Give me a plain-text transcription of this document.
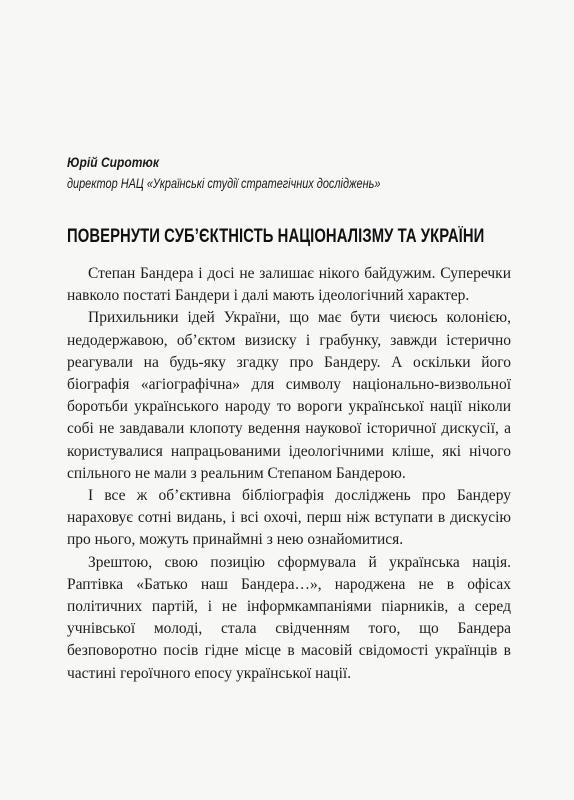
Юрій Сиротюк
директор НАЦ «Українські студії стратегічних досліджень»
ПОВЕРНУТИ СУБ’ЄКТНІСТЬ НАЦІОНАЛІЗМУ ТА УКРАЇНИ

Степан Бандера і досі не залишає нікого байдужим. Суперечки навколо постаті Бандери і далі мають ідеологічний характер.

Прихильники ідей України, що має бути чиєюсь колонією, недодержавою, об’єктом визиску і грабунку, завжди істерично реагували на будь-яку згадку про Бандеру. А оскільки його біографія «агіографічна» для символу національно-визвольної боротьби українського народу то вороги української нації ніколи собі не завдавали клопоту ведення наукової історичної дискусії, а користувалися напрацьованими ідеологічними кліше, які нічого спільного не мали з реальним Степаном Бандерою.

І все ж об’єктивна бібліографія досліджень про Бандеру нараховує сотні видань, і всі охочі, перш ніж вступати в дискусію про нього, можуть принаймні з нею ознайомитися.

Зрештою, свою позицію сформувала й українська нація. Раптівка «Батько наш Бандера…», народжена не в офісах політичних партій, і не інформкампаніями піарників, а серед учнівської молоді, стала свідченням того, що Бандера безповоротно посів гідне місце в масовій свідомості українців в частині героїчного епосу української нації.
